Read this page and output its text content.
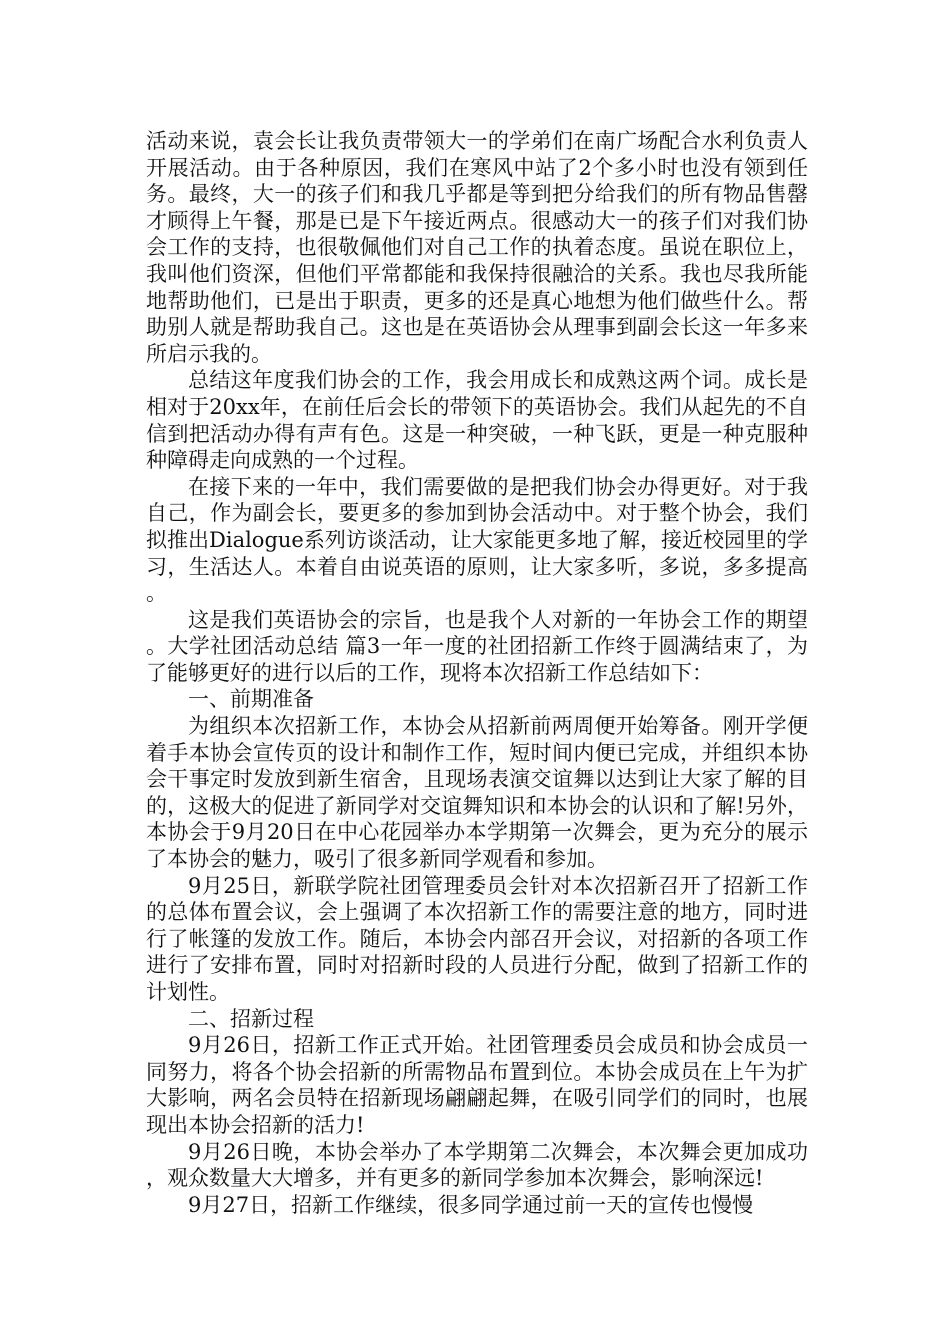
活动来说，袁会长让我负责带领大一的学弟们在南广场配合水利负责人开展活动。由于各种原因，我们在寒风中站了2个多小时也没有领到任务。最终，大一的孩子们和我几乎都是等到把分给我们的所有物品售罄才顾得上午餐，那是已是下午接近两点。很感动大一的孩子们对我们协会工作的支持，也很敬佩他们对自己工作的执着态度。虽说在职位上，我叫他们资深，但他们平常都能和我保持很融洽的关系。我也尽我所能地帮助他们，已是出于职责，更多的还是真心地想为他们做些什么。帮助别人就是帮助我自己。这也是在英语协会从理事到副会长这一年多来所启示我的。

总结这年度我们协会的工作，我会用成长和成熟这两个词。成长是相对于20xx年，在前任后会长的带领下的英语协会。我们从起先的不自信到把活动办得有声有色。这是一种突破，一种飞跃，更是一种克服种种障碍走向成熟的一个过程。

在接下来的一年中，我们需要做的是把我们协会办得更好。对于我自己，作为副会长，要更多的参加到协会活动中。对于整个协会，我们拟推出Dialogue系列访谈活动，让大家能更多地了解，接近校园里的学习，生活达人。本着自由说英语的原则，让大家多听，多说，多多提高。

这是我们英语协会的宗旨，也是我个人对新的一年协会工作的期望。大学社团活动总结 篇3一年一度的社团招新工作终于圆满结束了，为了能够更好的进行以后的工作，现将本次招新工作总结如下：

一、前期准备

为组织本次招新工作，本协会从招新前两周便开始筹备。刚开学便着手本协会宣传页的设计和制作工作，短时间内便已完成，并组织本协会干事定时发放到新生宿舍，且现场表演交谊舞以达到让大家了解的目的，这极大的促进了新同学对交谊舞知识和本协会的认识和了解!另外，本协会于9月20日在中心花园举办本学期第一次舞会，更为充分的展示了本协会的魅力，吸引了很多新同学观看和参加。

9月25日，新联学院社团管理委员会针对本次招新召开了招新工作的总体布置会议，会上强调了本次招新工作的需要注意的地方，同时进行了帐篷的发放工作。随后，本协会内部召开会议，对招新的各项工作进行了安排布置，同时对招新时段的人员进行分配，做到了招新工作的计划性。

二、招新过程

9月26日，招新工作正式开始。社团管理委员会成员和协会成员一同努力，将各个协会招新的所需物品布置到位。本协会成员在上午为扩大影响，两名会员特在招新现场翩翩起舞，在吸引同学们的同时，也展现出本协会招新的活力!

9月26日晚，本协会举办了本学期第二次舞会，本次舞会更加成功，观众数量大大增多，并有更多的新同学参加本次舞会，影响深远!

9月27日，招新工作继续，很多同学通过前一天的宣传也慢慢
